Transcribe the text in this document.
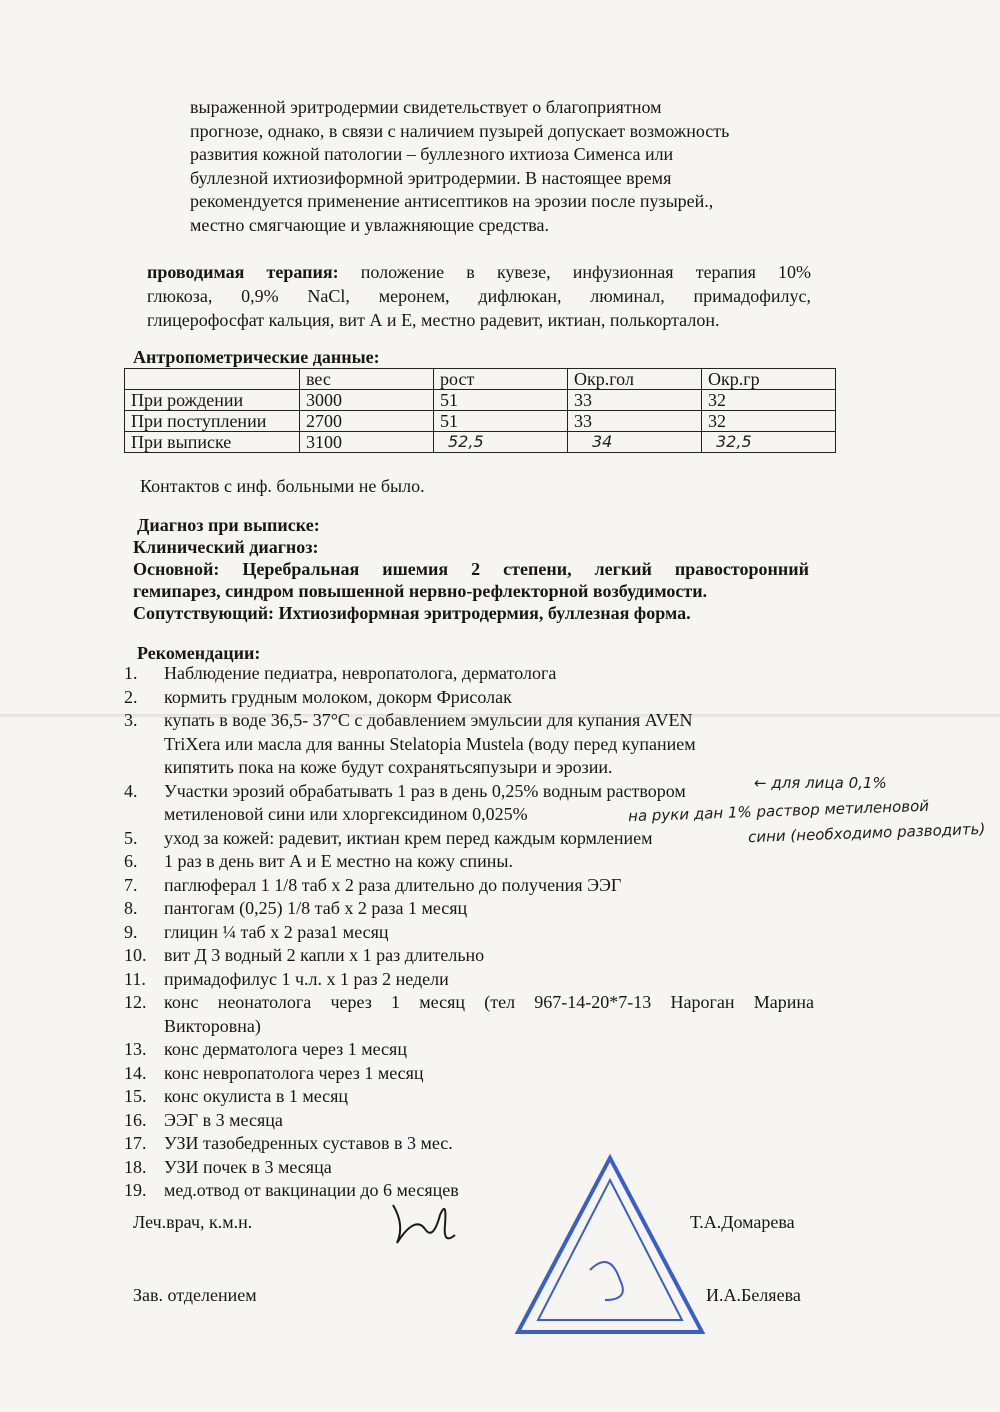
выраженной эритродермии свидетельствует о благоприятном
прогнозе, однако, в связи с наличием пузырей допускает возможность
развития кожной патологии – буллезного ихтиоза Сименса или
буллезной ихтиозиформной эритродермии. В настоящее время
рекомендуется применение антисептиков на эрозии после пузырей.,
местно смягчающие и увлажняющие средства.
проводимая терапия: положение в кувезе, инфузионная терапия 10%
глюкоза, 0,9% NaCl, меронем, дифлюкан, люминал, примадофилус,
глицерофосфат кальция, вит А и Е, местно радевит, иктиан, полькорталон.
Антропометрические данные:
	вес	рост	Окр.гол	Окр.гр
При рождении	3000	51	33	32
При поступлении	2700	51	33	32
При выписке	3100	52,5	34	32,5
Контактов с инф. больными не было.
Диагноз при выписке:
Клинический диагноз:
Основной: Церебральная ишемия 2 степени, легкий правосторонний
гемипарез, синдром повышенной нервно-рефлекторной возбудимости.
Сопутствующий: Ихтиозиформная эритродермия, буллезная форма.
Рекомендации:
1. Наблюдение педиатра, невропатолога, дерматолога
2. кормить грудным молоком, докорм Фрисолак
3. купать в воде 36,5- 37°С с добавлением эмульсии для купания AVEN
TriXera или масла для ванны Stelatopia Mustela (воду перед купанием
кипятить пока на коже будут сохранятьсяпузыри и эрозии.
4. Участки эрозий обрабатывать 1 раз в день 0,25% водным раствором
метиленовой сини или хлоргексидином 0,025%
5. уход за кожей: радевит, иктиан крем перед каждым кормлением
6. 1 раз в день вит А и Е местно на кожу спины.
7. паглюферал 1 1/8 таб х 2 раза длительно до получения ЭЭГ
8. пантогам (0,25) 1/8 таб х 2 раза 1 месяц
9. глицин ¼ таб х 2 раза1 месяц
10. вит Д 3 водный 2 капли х 1 раз длительно
11. примадофилус 1 ч.л. х 1 раз 2 недели
12. конс неонатолога через 1 месяц (тел 967-14-20*7-13 Нароган Марина
Викторовна)
13. конс дерматолога через 1 месяц
14. конс невропатолога через 1 месяц
15. конс окулиста в 1 месяц
16. ЭЭГ в 3 месяца
17. УЗИ тазобедренных суставов в 3 мес.
18. УЗИ почек в 3 месяца
19. мед.отвод от вакцинации до 6 месяцев
← для лица 0,1%
на руки дан 1% раствор метиленовой
сини (необходимо разводить)
Леч.врач, к.м.н.	Т.А.Домарева
Зав. отделением	И.А.Беляева
